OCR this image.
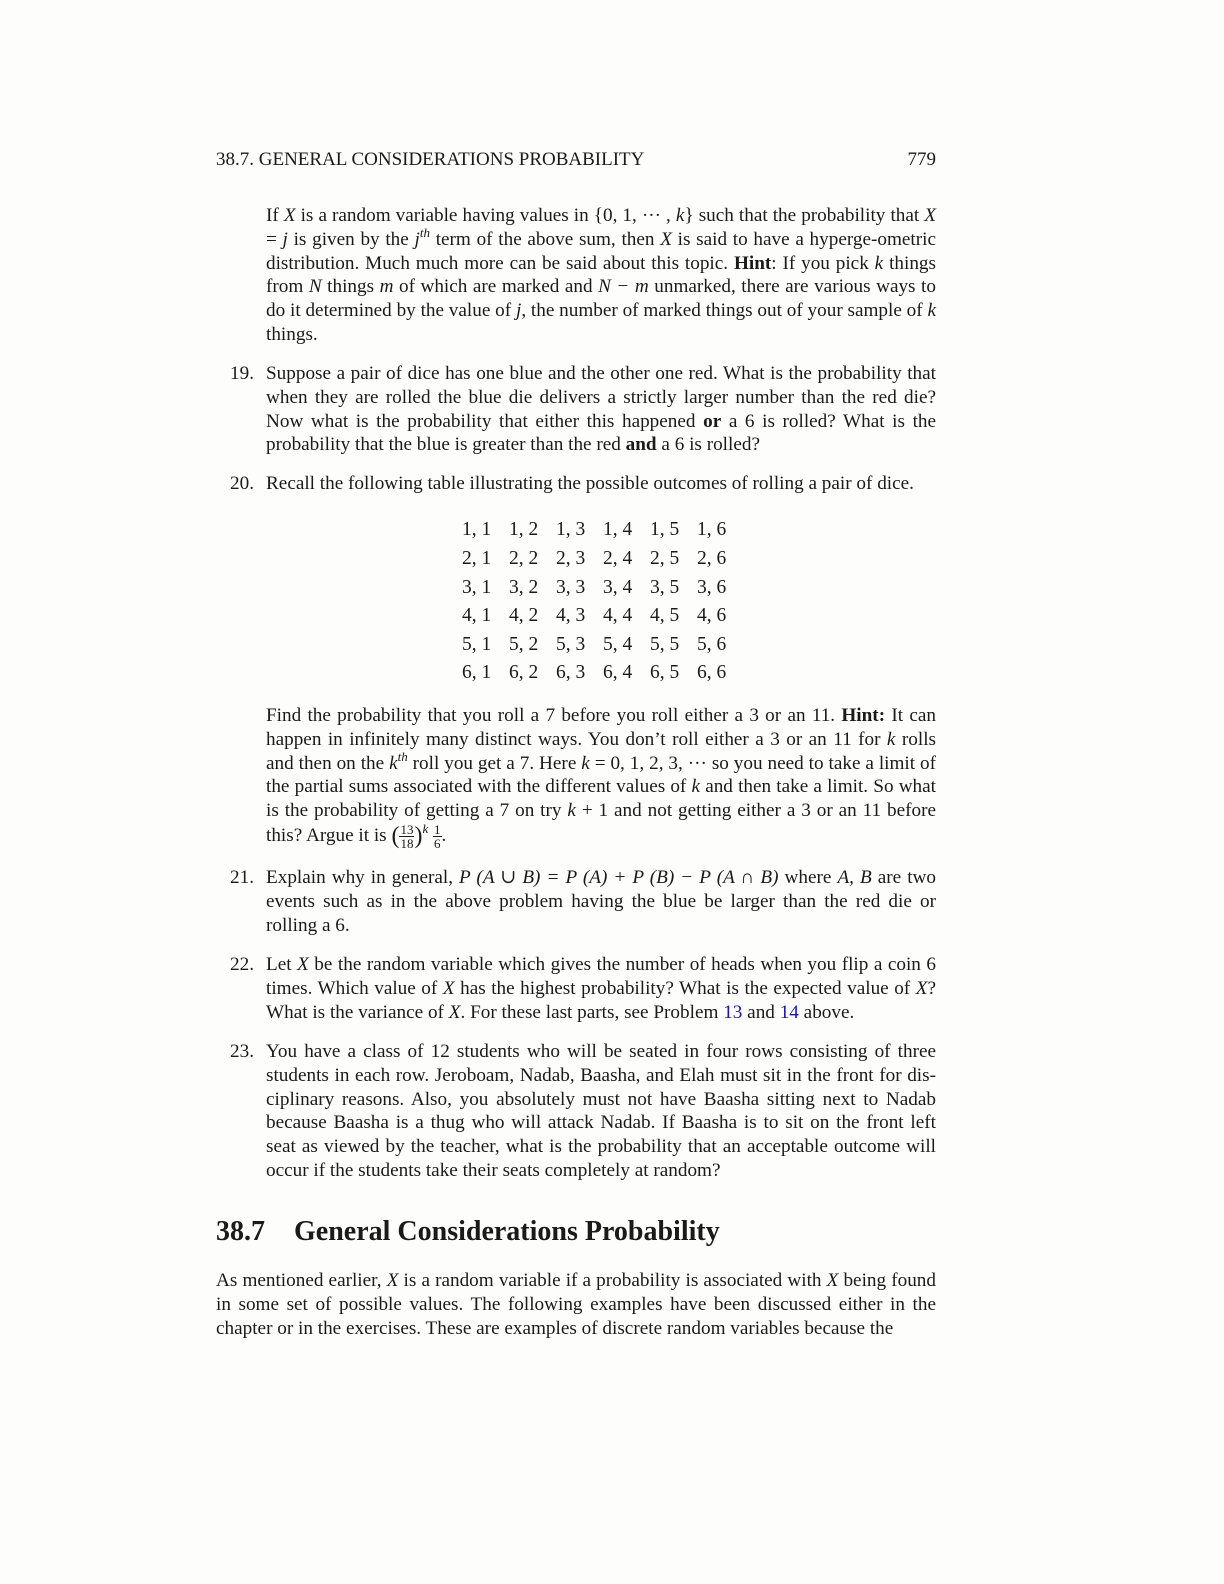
38.7. GENERAL CONSIDERATIONS PROBABILITY	779

If X is a random variable having values in {0, 1, ··· , k} such that the probability that X = j is given by the $j^{th}$ term of the above sum, then X is said to have a hyperge-ometric distribution. Much much more can be said about this topic. Hint: If you pick k things from N things m of which are marked and N − m unmarked, there are various ways to do it determined by the value of j, the number of marked things out of your sample of k things.

19. Suppose a pair of dice has one blue and the other one red. What is the probability that when they are rolled the blue die delivers a strictly larger number than the red die? Now what is the probability that either this happened or a 6 is rolled? What is the probability that the blue is greater than the red and a 6 is rolled?

20. Recall the following table illustrating the possible outcomes of rolling a pair of dice.

1, 1	1, 2	1, 3	1, 4	1, 5	1, 6
2, 1	2, 2	2, 3	2, 4	2, 5	2, 6
3, 1	3, 2	3, 3	3, 4	3, 5	3, 6
4, 1	4, 2	4, 3	4, 4	4, 5	4, 6
5, 1	5, 2	5, 3	5, 4	5, 5	5, 6
6, 1	6, 2	6, 3	6, 4	6, 5	6, 6

Find the probability that you roll a 7 before you roll either a 3 or an 11. Hint: It can happen in infinitely many distinct ways. You don’t roll either a 3 or an 11 for k rolls and then on the $k^{th}$ roll you get a 7. Here k = 0, 1, 2, 3, ··· so you need to take a limit of the partial sums associated with the different values of k and then take a limit. So what is the probability of getting a 7 on try k + 1 and not getting either a 3 or an 11 before this? Argue it is ( $\frac{13}{18} )^k \frac{1}{6}$ .

21. Explain why in general, P (A ∪ B) = P (A) + P (B) − P (A ∩ B) where A, B are two events such as in the above problem having the blue be larger than the red die or rolling a 6.

22. Let X be the random variable which gives the number of heads when you flip a coin 6 times. Which value of X has the highest probability? What is the expected value of X? What is the variance of X. For these last parts, see Problem 13 and 14 above.

23. You have a class of 12 students who will be seated in four rows consisting of three students in each row. Jeroboam, Nadab, Baasha, and Elah must sit in the front for dis-ciplinary reasons. Also, you absolutely must not have Baasha sitting next to Nadab because Baasha is a thug who will attack Nadab. If Baasha is to sit on the front left seat as viewed by the teacher, what is the probability that an acceptable outcome will occur if the students take their seats completely at random?

38.7 General Considerations Probability

As mentioned earlier, X is a random variable if a probability is associated with X being found in some set of possible values. The following examples have been discussed either in the chapter or in the exercises. These are examples of discrete random variables because the
